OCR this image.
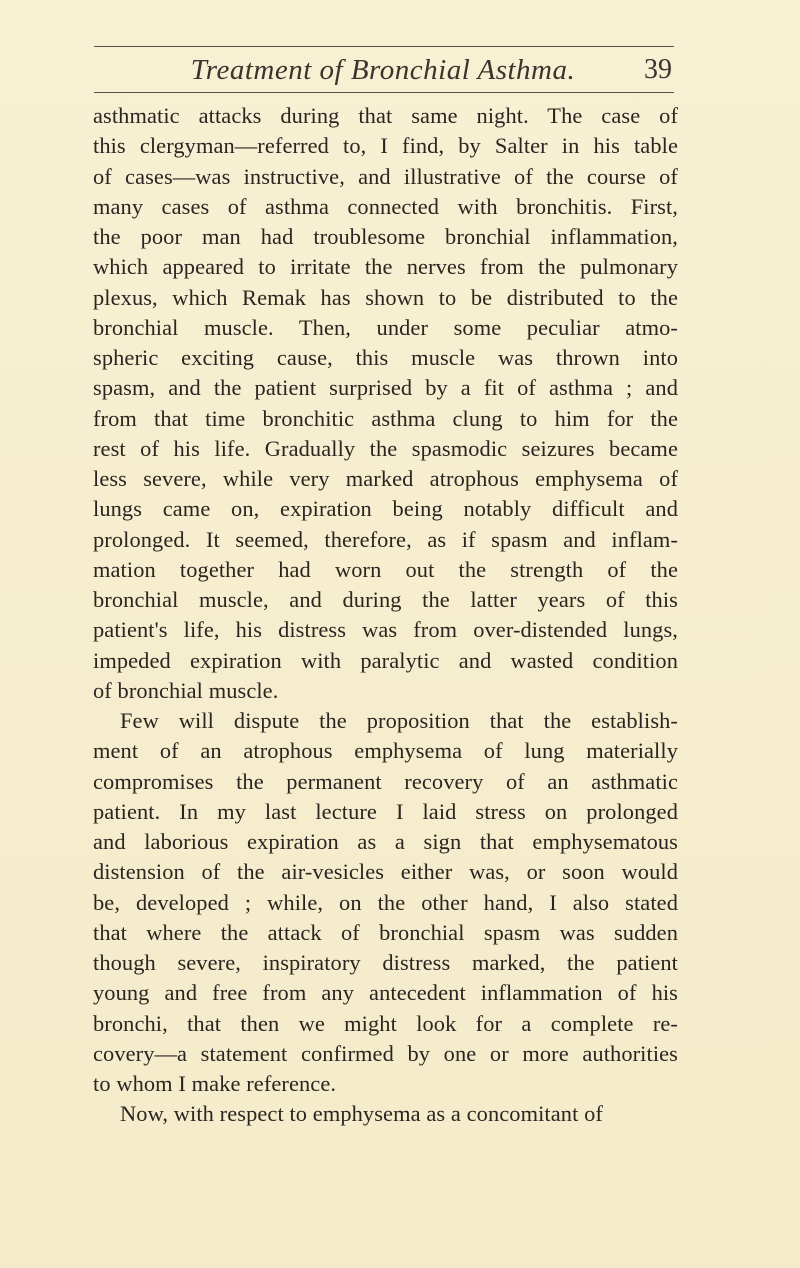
Treatment of Bronchial Asthma.	39
asthmatic attacks during that same night. The case of
this clergyman—referred to, I find, by Salter in his table
of cases—was instructive, and illustrative of the course of
many cases of asthma connected with bronchitis. First,
the poor man had troublesome bronchial inflammation,
which appeared to irritate the nerves from the pulmonary
plexus, which Remak has shown to be distributed to the
bronchial muscle. Then, under some peculiar atmo-
spheric exciting cause, this muscle was thrown into
spasm, and the patient surprised by a fit of asthma ; and
from that time bronchitic asthma clung to him for the
rest of his life. Gradually the spasmodic seizures became
less severe, while very marked atrophous emphysema of
lungs came on, expiration being notably difficult and
prolonged. It seemed, therefore, as if spasm and inflam-
mation together had worn out the strength of the
bronchial muscle, and during the latter years of this
patient's life, his distress was from over-distended lungs,
impeded expiration with paralytic and wasted condition
of bronchial muscle.
Few will dispute the proposition that the establish-
ment of an atrophous emphysema of lung materially
compromises the permanent recovery of an asthmatic
patient. In my last lecture I laid stress on prolonged
and laborious expiration as a sign that emphysematous
distension of the air-vesicles either was, or soon would
be, developed ; while, on the other hand, I also stated
that where the attack of bronchial spasm was sudden
though severe, inspiratory distress marked, the patient
young and free from any antecedent inflammation of his
bronchi, that then we might look for a complete re-
covery—a statement confirmed by one or more authorities
to whom I make reference.
Now, with respect to emphysema as a concomitant of
